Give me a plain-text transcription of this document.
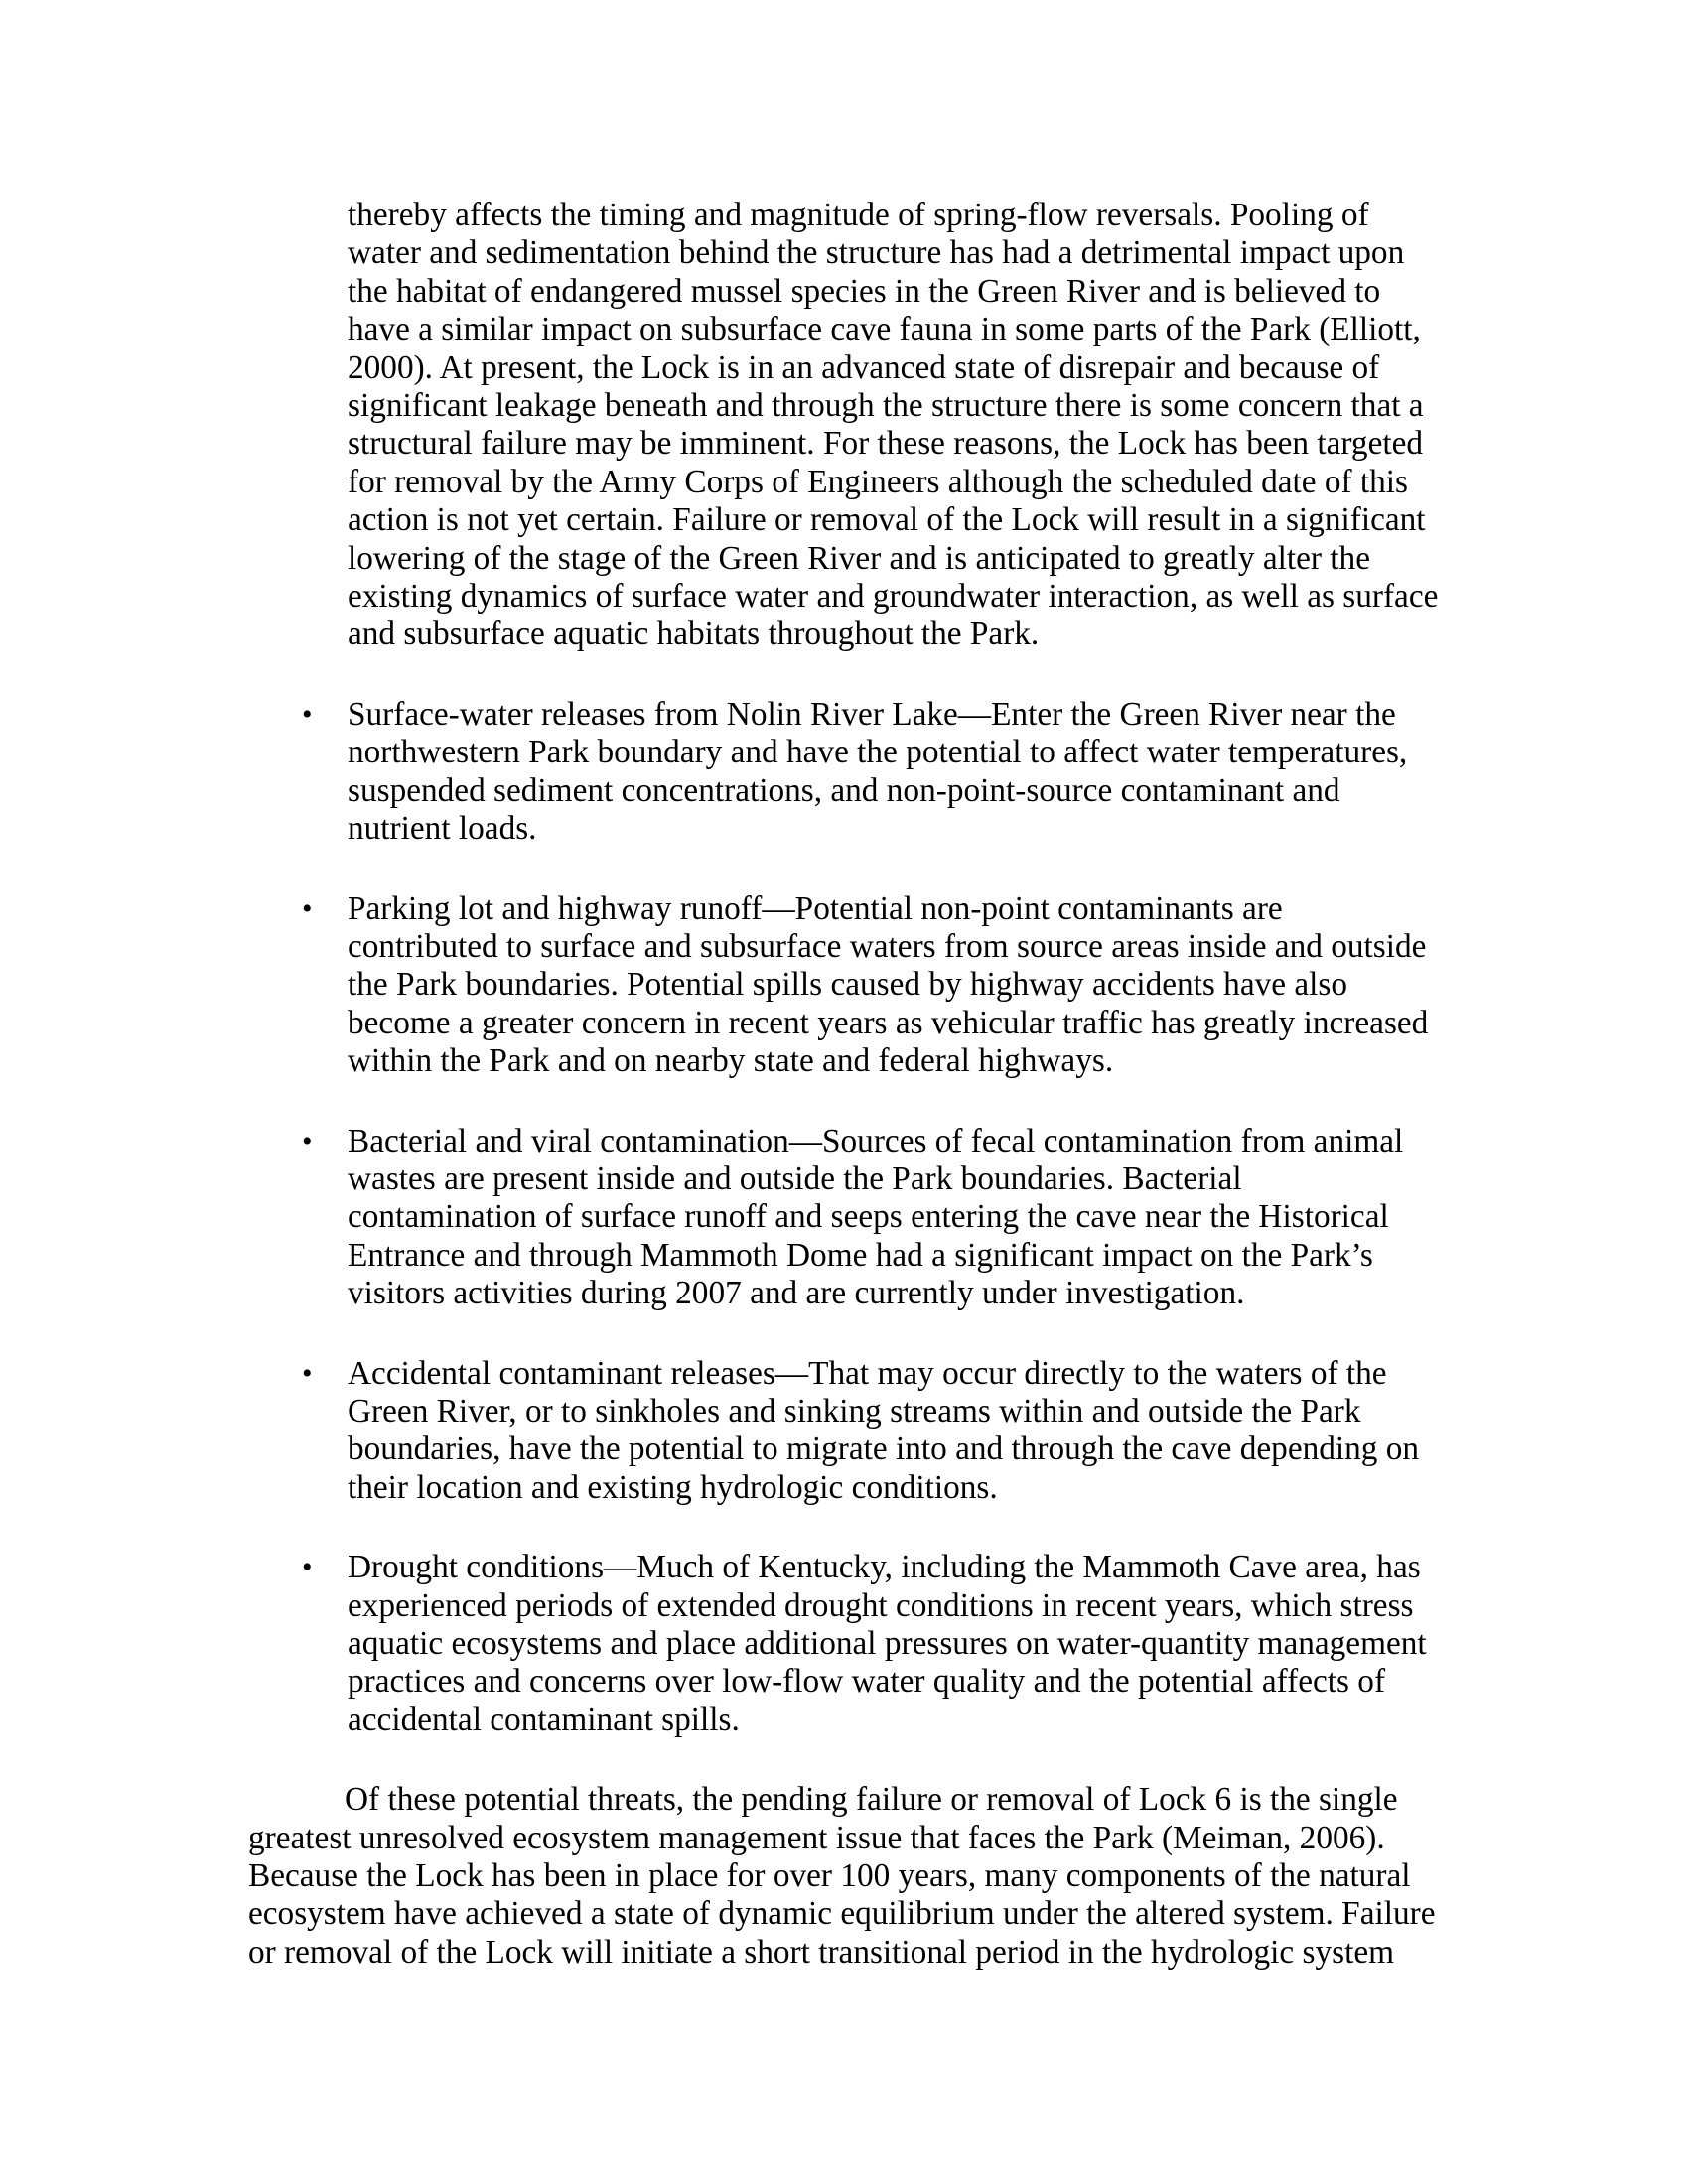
thereby affects the timing and magnitude of spring-flow reversals. Pooling of
water and sedimentation behind the structure has had a detrimental impact upon
the habitat of endangered mussel species in the Green River and is believed to
have a similar impact on subsurface cave fauna in some parts of the Park (Elliott,
2000). At present, the Lock is in an advanced state of disrepair and because of
significant leakage beneath and through the structure there is some concern that a
structural failure may be imminent. For these reasons, the Lock has been targeted
for removal by the Army Corps of Engineers although the scheduled date of this
action is not yet certain. Failure or removal of the Lock will result in a significant
lowering of the stage of the Green River and is anticipated to greatly alter the
existing dynamics of surface water and groundwater interaction, as well as surface
and subsurface aquatic habitats throughout the Park.
•	Surface-water releases from Nolin River Lake—Enter the Green River near the
northwestern Park boundary and have the potential to affect water temperatures,
suspended sediment concentrations, and non-point-source contaminant and
nutrient loads.
•	Parking lot and highway runoff—Potential non-point contaminants are
contributed to surface and subsurface waters from source areas inside and outside
the Park boundaries. Potential spills caused by highway accidents have also
become a greater concern in recent years as vehicular traffic has greatly increased
within the Park and on nearby state and federal highways.
•	Bacterial and viral contamination—Sources of fecal contamination from animal
wastes are present inside and outside the Park boundaries. Bacterial
contamination of surface runoff and seeps entering the cave near the Historical
Entrance and through Mammoth Dome had a significant impact on the Park’s
visitors activities during 2007 and are currently under investigation.
•	Accidental contaminant releases—That may occur directly to the waters of the
Green River, or to sinkholes and sinking streams within and outside the Park
boundaries, have the potential to migrate into and through the cave depending on
their location and existing hydrologic conditions.
•	Drought conditions—Much of Kentucky, including the Mammoth Cave area, has
experienced periods of extended drought conditions in recent years, which stress
aquatic ecosystems and place additional pressures on water-quantity management
practices and concerns over low-flow water quality and the potential affects of
accidental contaminant spills.
Of these potential threats, the pending failure or removal of Lock 6 is the single
greatest unresolved ecosystem management issue that faces the Park (Meiman, 2006).
Because the Lock has been in place for over 100 years, many components of the natural
ecosystem have achieved a state of dynamic equilibrium under the altered system. Failure
or removal of the Lock will initiate a short transitional period in the hydrologic system
